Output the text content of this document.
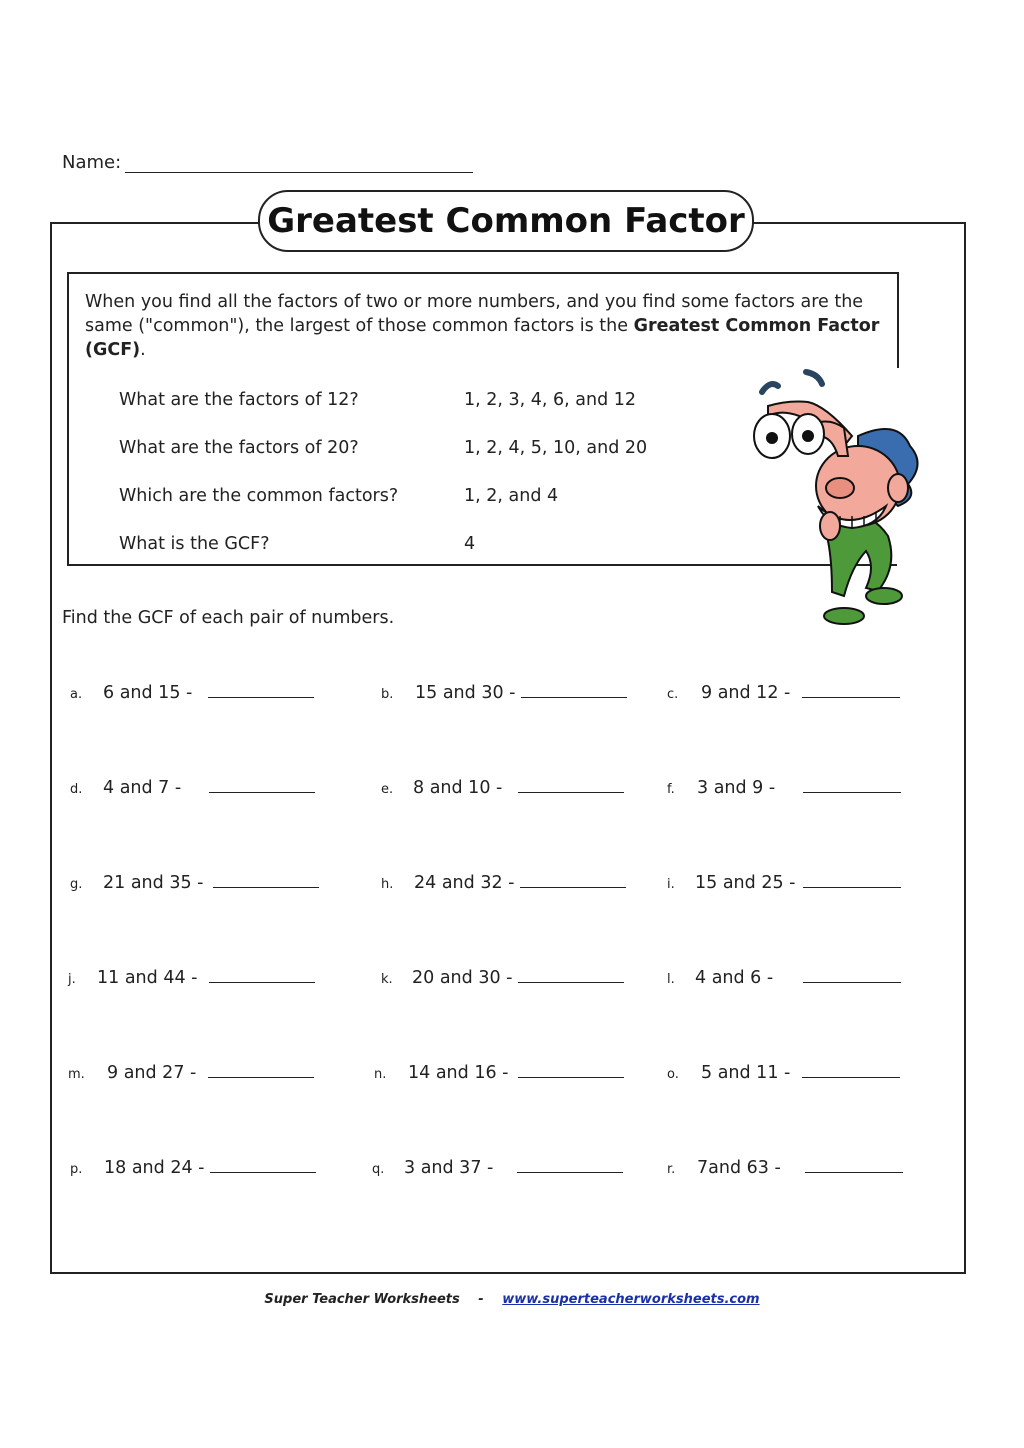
Name:
Greatest Common Factor
When you find all the factors of two or more numbers, and you find some factors are the same ("common"), the largest of those common factors is the Greatest Common Factor (GCF).
What are the factors of 12?	1, 2, 3, 4, 6, and 12
What are the factors of 20?	1, 2, 4, 5, 10, and 20
Which are the common factors?	1, 2, and 4
What is the GCF?	4
Find the GCF of each pair of numbers.
a. 6 and 15 -	b. 15 and 30 -	c. 9 and 12 -
d. 4 and 7 -	e. 8 and 10 -	f. 3 and 9 -
g. 21 and 35 -	h. 24 and 32 -	i. 15 and 25 -
j. 11 and 44 -	k. 20 and 30 -	l. 4 and 6 -
m. 9 and 27 -	n. 14 and 16 -	o. 5 and 11 -
p. 18 and 24 -	q. 3 and 37 -	r. 7and 63 -
Super Teacher Worksheets - www.superteacherworksheets.com
